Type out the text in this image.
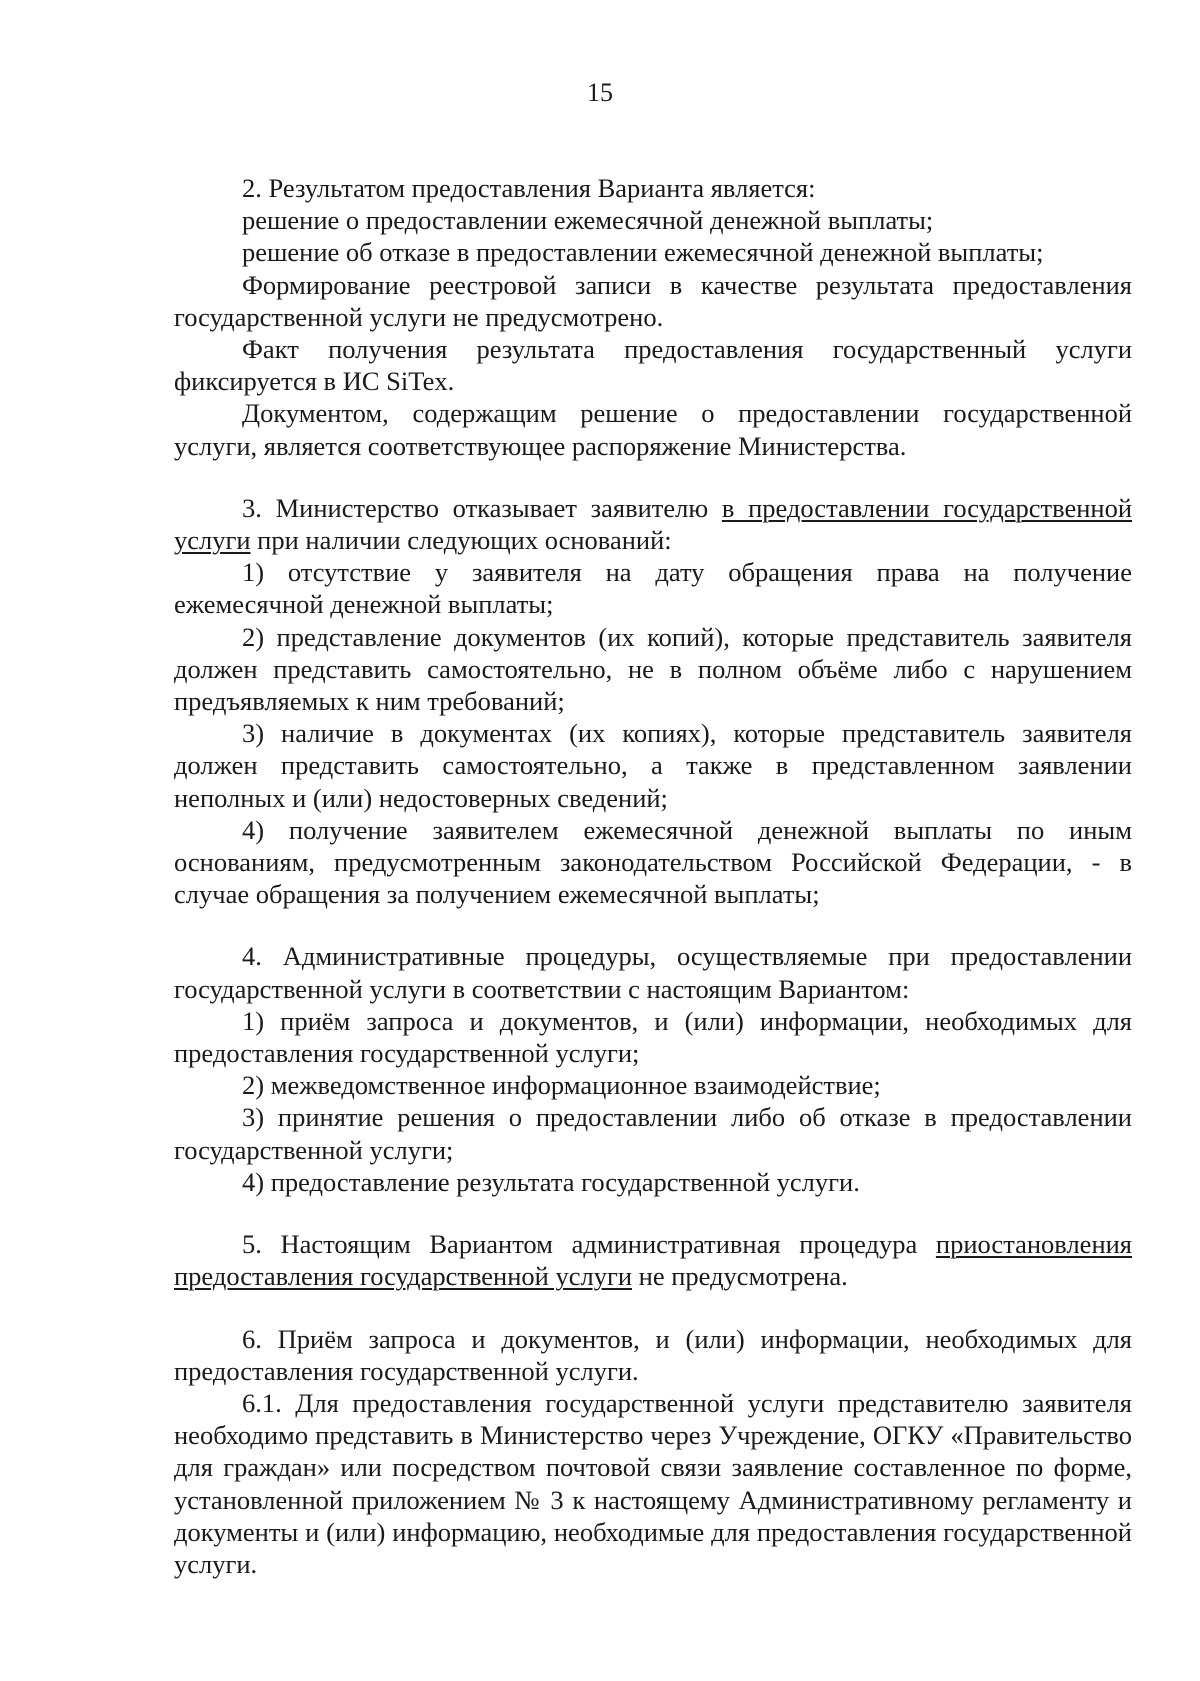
15

2. Результатом предоставления Варианта является:

решение о предоставлении ежемесячной денежной выплаты;

решение об отказе в предоставлении ежемесячной денежной выплаты;

Формирование реестровой записи в качестве результата предоставления государственной услуги не предусмотрено.

Факт получения результата предоставления государственный услуги фиксируется в ИС SiTex.

Документом, содержащим решение о предоставлении государственной услуги, является соответствующее распоряжение Министерства.

3. Министерство отказывает заявителю в предоставлении государственной услуги при наличии следующих оснований:

1) отсутствие у заявителя на дату обращения права на получение ежемесячной денежной выплаты;

2) представление документов (их копий), которые представитель заявителя должен представить самостоятельно, не в полном объёме либо с нарушением предъявляемых к ним требований;

3) наличие в документах (их копиях), которые представитель заявителя должен представить самостоятельно, а также в представленном заявлении неполных и (или) недостоверных сведений;

4) получение заявителем ежемесячной денежной выплаты по иным основаниям, предусмотренным законодательством Российской Федерации, - в случае обращения за получением ежемесячной выплаты;

4. Административные процедуры, осуществляемые при предоставлении государственной услуги в соответствии с настоящим Вариантом:

1) приём запроса и документов, и (или) информации, необходимых для предоставления государственной услуги;

2) межведомственное информационное взаимодействие;

3) принятие решения о предоставлении либо об отказе в предоставлении государственной услуги;

4) предоставление результата государственной услуги.

5. Настоящим Вариантом административная процедура приостановления предоставления государственной услуги не предусмотрена.

6. Приём запроса и документов, и (или) информации, необходимых для предоставления государственной услуги.

6.1. Для предоставления государственной услуги представителю заявителя необходимо представить в Министерство через Учреждение, ОГКУ «Правительство для граждан» или посредством почтовой связи заявление составленное по форме, установленной приложением № 3 к настоящему Административному регламенту и документы и (или) информацию, необходимые для предоставления государственной услуги.
